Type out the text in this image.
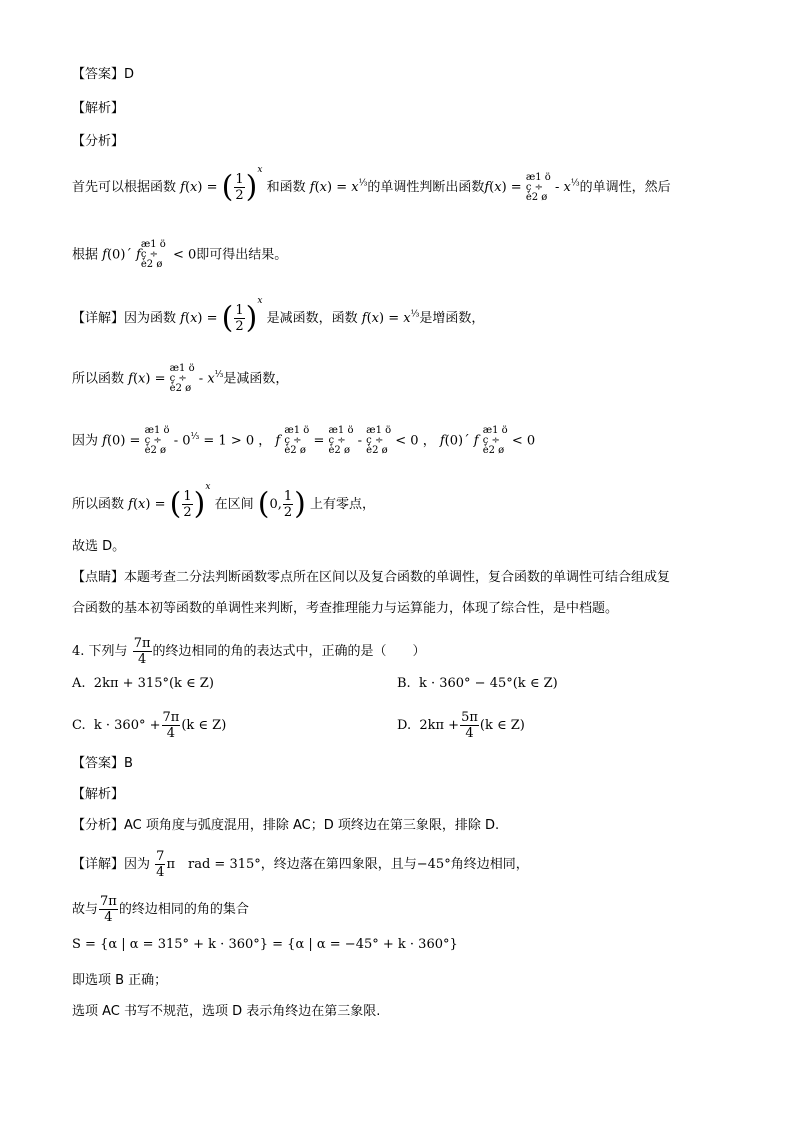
【答案】D
【解析】
【分析】
首先可以根据函数 f(x) = ( $\frac{1}{2} )^x$ 和函数 $f(x) = x^{\frac{1}{3}}$的单调性判断出函数f(x) = æ1 ö
ç ÷
è2 ø - $x^{\frac{1}{3}}$的单调性，然后
根据 f(0)´ fæ1 ö ç ÷ è2 ø < 0即可得出结果。
【详解】因为函数 f(x) = ( $\frac{1}{2} )^x$ 是减函数，函数 $f(x) = x^{\frac{1}{3}}$是增函数，
所以函数 f(x) = æ1 ö
ç ÷
è2 ø - $x^{\frac{1}{3}}$是减函数，
因为 f(0) = æ1 ö
ç ÷
è2 ø - $0^{\frac{1}{3}} = 1 > 0$ ， f æ1 ö
ç ÷
è2 ø = æ1 ö
ç ÷
è2 ø - æ1 ö
ç ÷
è2 ø < 0 ， f(0)´ f æ1 ö
ç ÷
è2 ø < 0
所以函数 f(x) = ( $\frac{1}{2} )^x$ 在区间 (0, $\frac{1}{2}$ ) 上有零点，
故选 D。
【点睛】本题考查二分法判断函数零点所在区间以及复合函数的单调性，复合函数的单调性可结合组成复
合函数的基本初等函数的单调性来判断，考查推理能力与运算能力，体现了综合性，是中档题。
4. 下列与 $\frac{7\pi}{4}$ 的终边相同的角的表达式中，正确的是（　　）
A. 2kπ + 315°(k ∈ Z)	B. k · 360° − 45°(k ∈ Z)
C. $k \cdot 360^\circ + \frac{7\pi}{4} (k$ ∈ Z)	D. $2k\pi + \frac{5\pi}{4} (k$ ∈ Z)
【答案】B
【解析】
【分析】AC 项角度与弧度混用，排除 AC；D 项终边在第三象限，排除 D.
【详解】因为 $\frac{7}{4}$ π　rad = 315°，终边落在第四象限，且与−45°角终边相同，
故与 $\frac{7\pi}{4}$ 的终边相同的角的集合
S = {α | α = 315° + k · 360°} = {α | α = −45° + k · 360°}
即选项 B 正确；
选项 AC 书写不规范，选项 D 表示角终边在第三象限.
